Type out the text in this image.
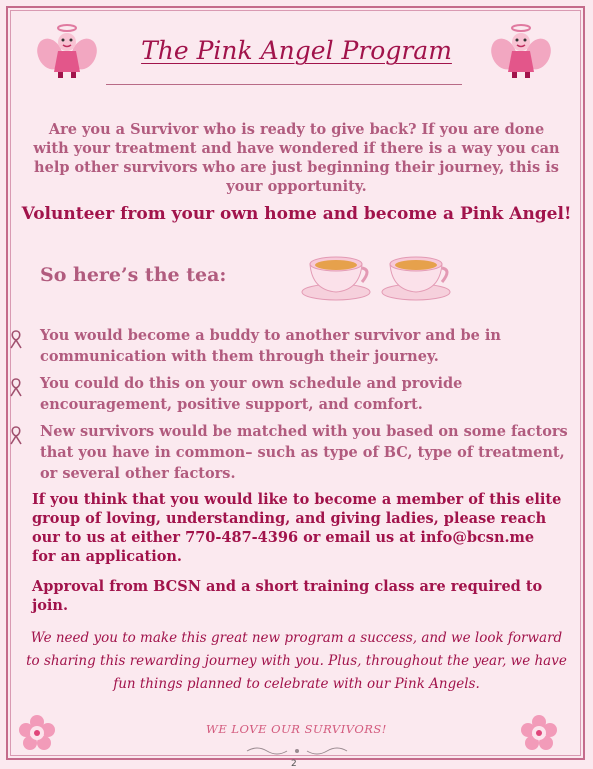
The Pink Angel Program
Are you a Survivor who is ready to give back? If you are done with your treatment and have wondered if there is a way you can help other survivors who are just beginning their journey, this is your opportunity.
Volunteer from your own home and become a Pink Angel!
So here’s the tea:
You would become a buddy to another survivor and be in communication with them through their journey.
You could do this on your own schedule and provide encouragement, positive support, and comfort.
New survivors would be matched with you based on some factors that you have in common– such as type of BC, type of treatment, or several other factors.
If you think that you would like to become a member of this elite group of loving, understanding, and giving ladies, please reach our to us at either 770-487-4396 or email us at info@bcsn.me for an application.
Approval from BCSN and a short training class are required to join.
We need you to make this great new program a success, and we look forward to sharing this rewarding journey with you. Plus, throughout the year, we have fun things planned to celebrate with our Pink Angels.
WE LOVE OUR SURVIVORS!
2
